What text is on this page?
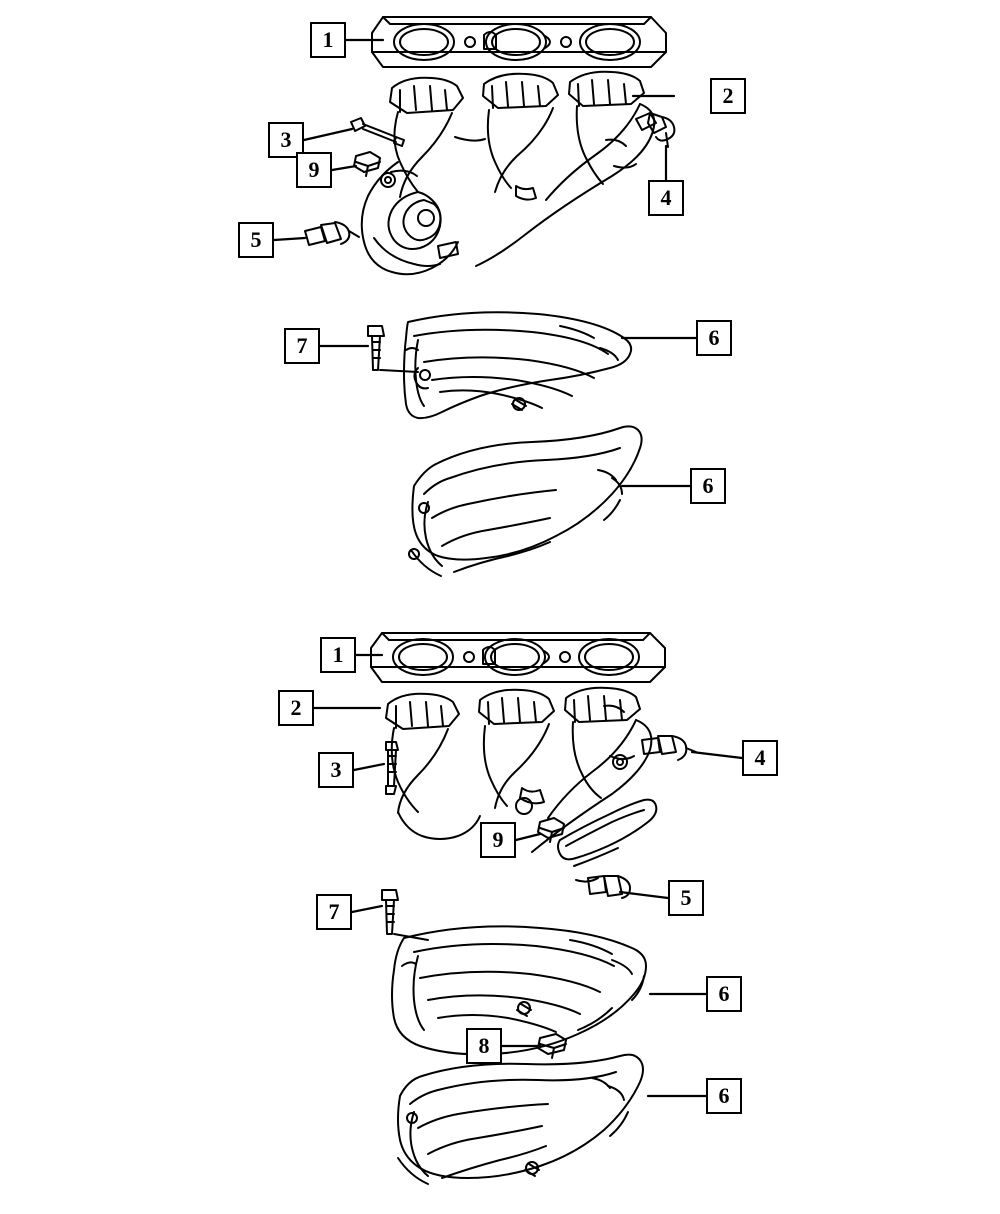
1
2
3
9
4
5
7	6
6
1
2
3	4
9
5
7
6
8
6
